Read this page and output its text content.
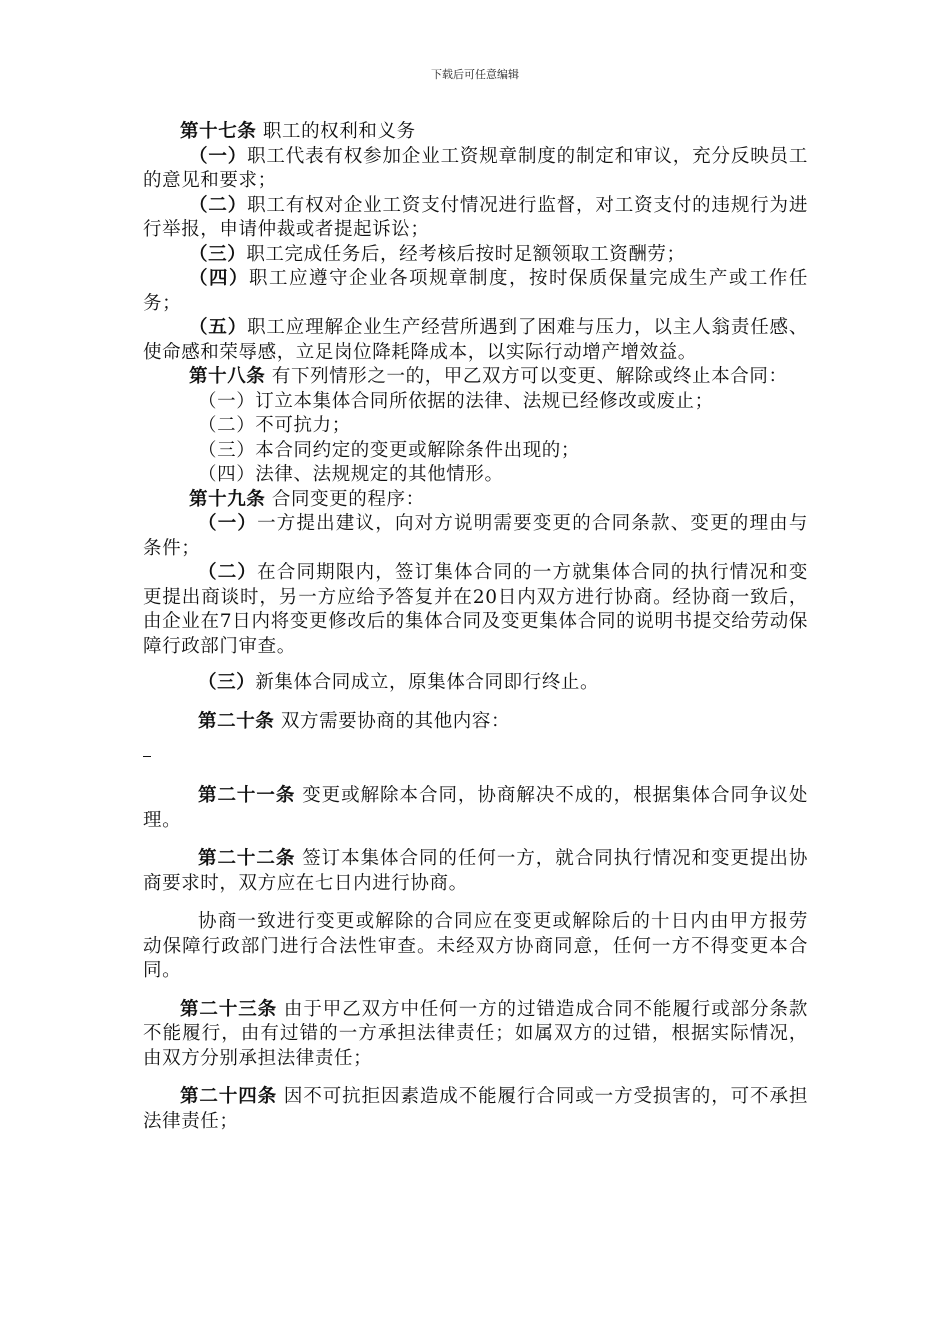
下载后可任意编辑

第十七条 职工的权利和义务

（一）职工代表有权参加企业工资规章制度的制定和审议，充分反映员工的意见和要求；

（二）职工有权对企业工资支付情况进行监督，对工资支付的违规行为进行举报，申请仲裁或者提起诉讼；

（三）职工完成任务后，经考核后按时足额领取工资酬劳；

（四）职工应遵守企业各项规章制度，按时保质保量完成生产或工作任务；

（五）职工应理解企业生产经营所遇到了困难与压力，以主人翁责任感、使命感和荣辱感，立足岗位降耗降成本，以实际行动增产增效益。

第十八条 有下列情形之一的，甲乙双方可以变更、解除或终止本合同：

（一）订立本集体合同所依据的法律、法规已经修改或废止；

（二）不可抗力；

（三）本合同约定的变更或解除条件出现的；

（四）法律、法规规定的其他情形。

第十九条 合同变更的程序：

（一）一方提出建议，向对方说明需要变更的合同条款、变更的理由与条件；

（二）在合同期限内，签订集体合同的一方就集体合同的执行情况和变更提出商谈时，另一方应给予答复并在20日内双方进行协商。经协商一致后，由企业在7日内将变更修改后的集体合同及变更集体合同的说明书提交给劳动保障行政部门审查。

（三）新集体合同成立，原集体合同即行终止。

第二十条 双方需要协商的其他内容：

第二十一条 变更或解除本合同，协商解决不成的，根据集体合同争议处理。

第二十二条 签订本集体合同的任何一方，就合同执行情况和变更提出协商要求时，双方应在七日内进行协商。

协商一致进行变更或解除的合同应在变更或解除后的十日内由甲方报劳动保障行政部门进行合法性审查。未经双方协商同意，任何一方不得变更本合同。

第二十三条 由于甲乙双方中任何一方的过错造成合同不能履行或部分条款不能履行，由有过错的一方承担法律责任；如属双方的过错，根据实际情况，由双方分别承担法律责任；

第二十四条 因不可抗拒因素造成不能履行合同或一方受损害的，可不承担法律责任；
